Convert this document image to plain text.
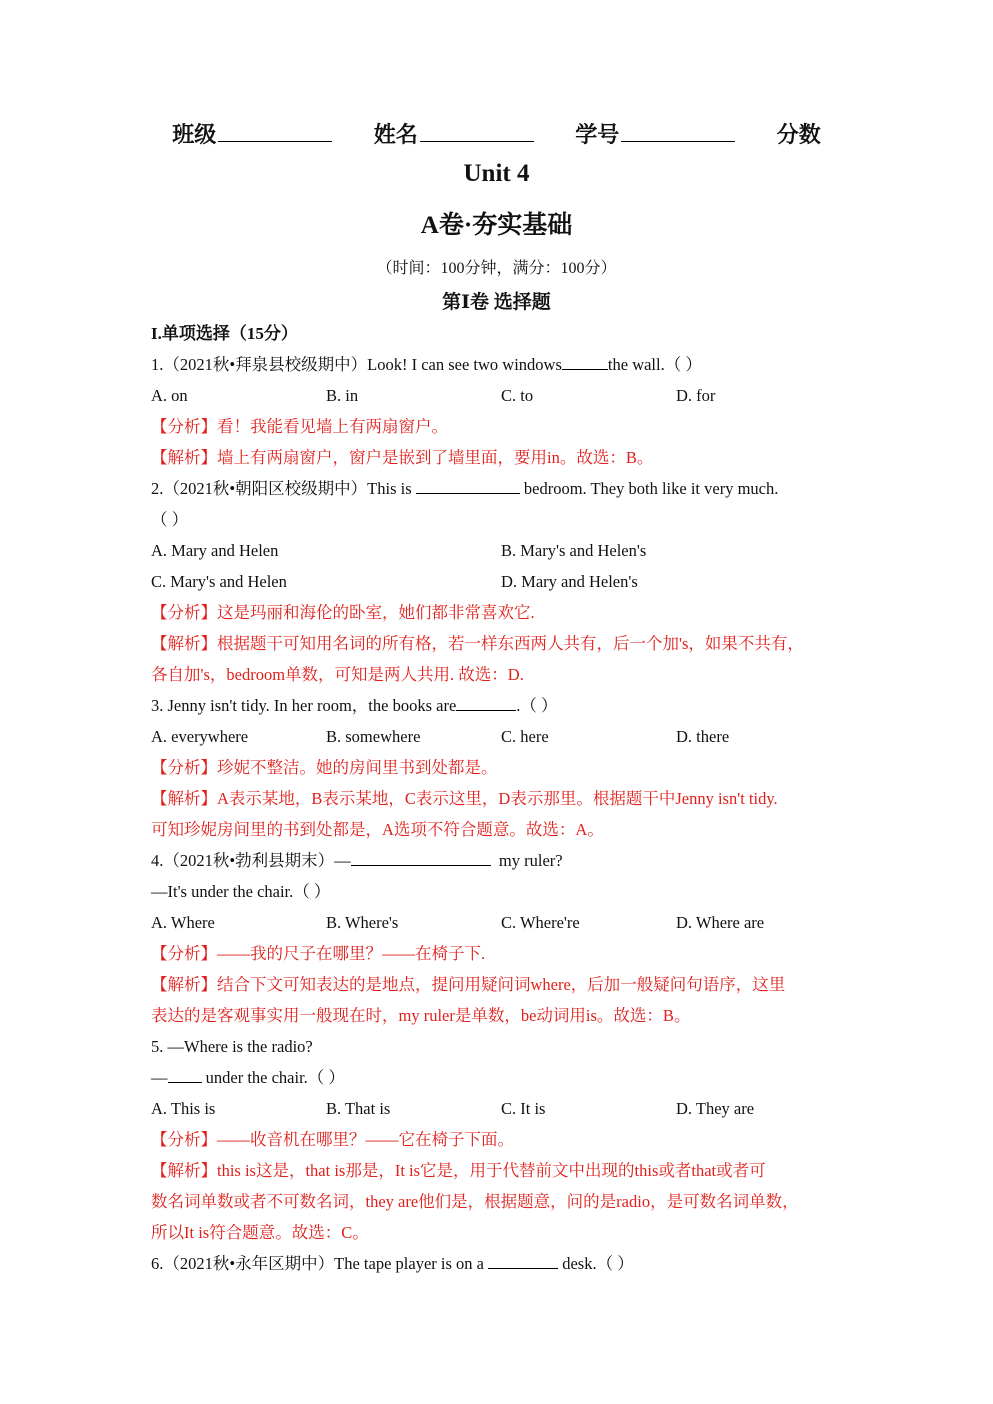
班级	姓名	学号	分数
Unit 4
A卷·夯实基础
（时间：100分钟，满分：100分）
第Ⅰ卷 选择题
I.单项选择（15分）
1.（2021秋•拜泉县校级期中）Look! I can see two windows	the wall.（ ）
A. on	B. in	C. to	D. for
【分析】看！我能看见墙上有两扇窗户。
【解析】墙上有两扇窗户，窗户是嵌到了墙里面，要用in。故选：B。
2.（2021秋•朝阳区校级期中）This is	bedroom. They both like it very much.
（ ）
A. Mary and Helen	B. Mary's and Helen's
C. Mary's and Helen	D. Mary and Helen's
【分析】这是玛丽和海伦的卧室，她们都非常喜欢它.
【解析】根据题干可知用名词的所有格，若一样东西两人共有，后一个加's，如果不共有，
各自加's，bedroom单数，可知是两人共用. 故选：D.
3. Jenny isn't tidy. In her room，the books are	.（ ）
A. everywhere	B. somewhere	C. here	D. there
【分析】珍妮不整洁。她的房间里书到处都是。
【解析】A表示某地，B表示某地，C表示这里，D表示那里。根据题干中Jenny isn't tidy.
可知珍妮房间里的书到处都是，A选项不符合题意。故选：A。
4.（2021秋•勃利县期末）—	my ruler?
—It's under the chair.（ ）
A. Where	B. Where's	C. Where're	D. Where are
【分析】——我的尺子在哪里？——在椅子下.
【解析】结合下文可知表达的是地点，提问用疑问词where，后加一般疑问句语序，这里
表达的是客观事实用一般现在时，my ruler是单数，be动词用is。故选：B。
5. —Where is the radio?
— under the chair.（ ）
A. This is	B. That is	C. It is	D. They are
【分析】——收音机在哪里？——它在椅子下面。
【解析】this is这是，that is那是，It is它是，用于代替前文中出现的this或者that或者可
数名词单数或者不可数名词，they are他们是，根据题意，问的是radio，是可数名词单数，
所以It is符合题意。故选：C。
6.（2021秋•永年区期中）The tape player is on a	desk.（ ）
